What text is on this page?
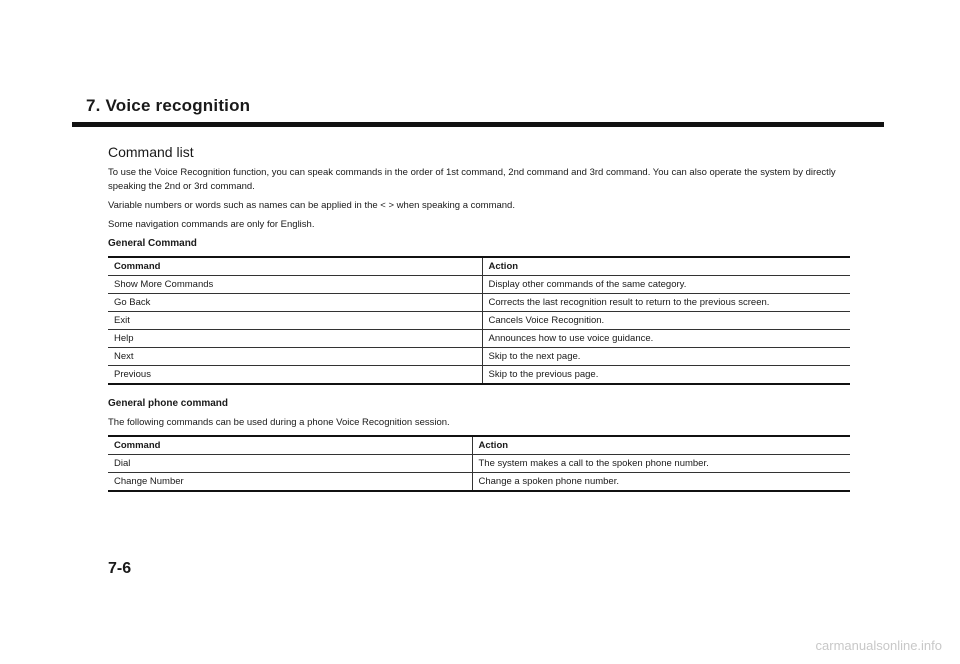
7. Voice recognition
Command list

To use the Voice Recognition function, you can speak commands in the order of 1st command, 2nd command and 3rd command. You can also operate the system by directly speaking the 2nd or 3rd command.

Variable numbers or words such as names can be applied in the < > when speaking a command.

Some navigation commands are only for English.

General Command
Command	Action
Show More Commands	Display other commands of the same category.
Go Back	Corrects the last recognition result to return to the previous screen.
Exit	Cancels Voice Recognition.
Help	Announces how to use voice guidance.
Next	Skip to the next page.
Previous	Skip to the previous page.
General phone command

The following commands can be used during a phone Voice Recognition session.

Command	Action
Dial	The system makes a call to the spoken phone number.
Change Number	Change a spoken phone number.
7-6
carmanualsonline.info
